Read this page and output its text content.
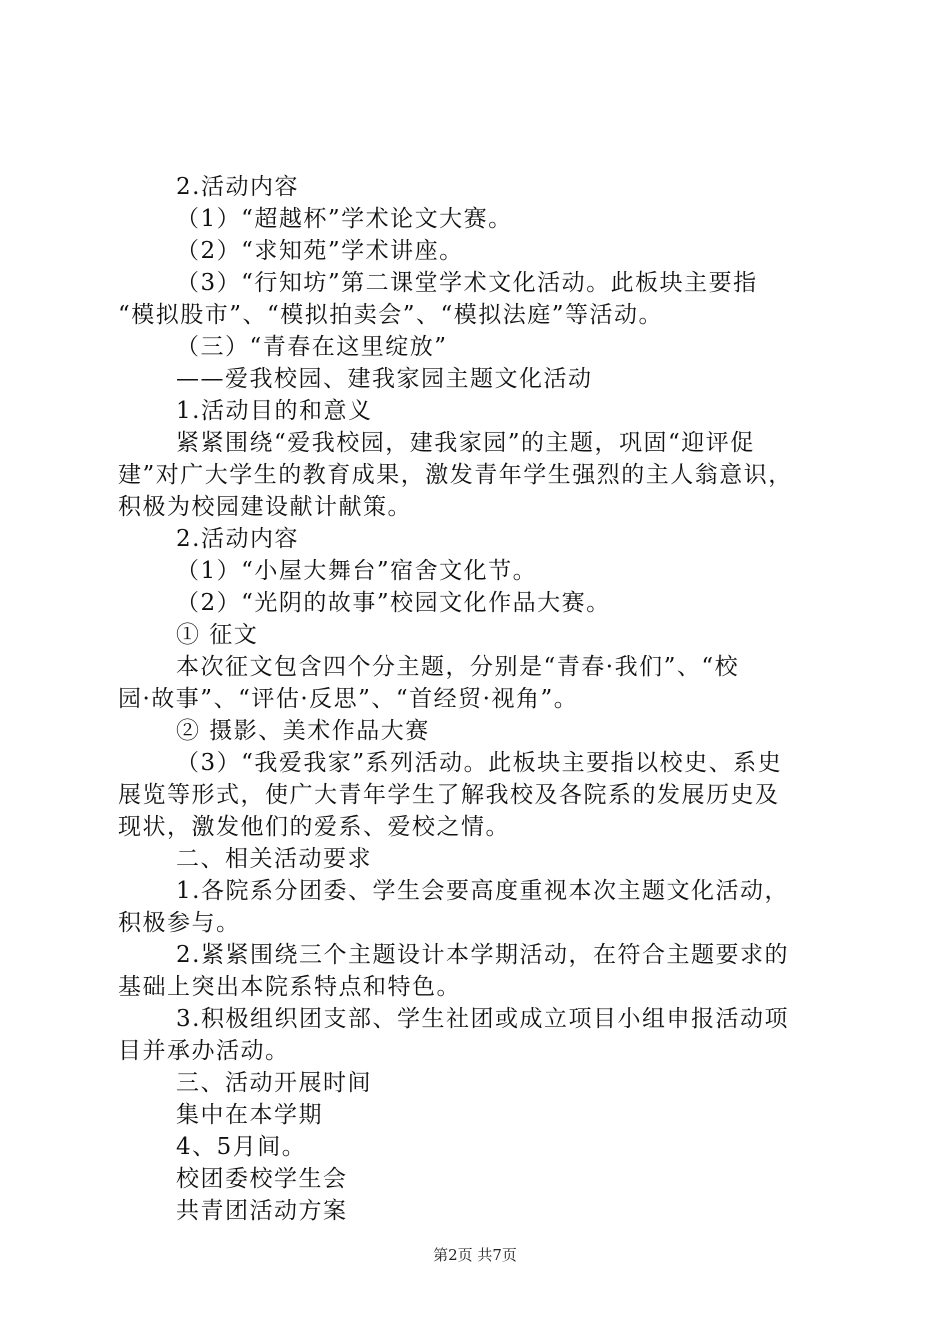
2.活动内容
（1）“超越杯”学术论文大赛。
（2）“求知苑”学术讲座。
（3）“行知坊”第二课堂学术文化活动。此板块主要指
“模拟股市”、“模拟拍卖会”、“模拟法庭”等活动。
（三）“青春在这里绽放”
——爱我校园、建我家园主题文化活动
1.活动目的和意义
紧紧围绕“爱我校园，建我家园”的主题，巩固“迎评促
建”对广大学生的教育成果，激发青年学生强烈的主人翁意识，
积极为校园建设献计献策。
2.活动内容
（1）“小屋大舞台”宿舍文化节。
（2）“光阴的故事”校园文化作品大赛。
① 征文
本次征文包含四个分主题，分别是“青春·我们”、“校
园·故事”、“评估·反思”、“首经贸·视角”。
② 摄影、美术作品大赛
（3）“我爱我家”系列活动。此板块主要指以校史、系史
展览等形式，使广大青年学生了解我校及各院系的发展历史及
现状，激发他们的爱系、爱校之情。
二、相关活动要求
1.各院系分团委、学生会要高度重视本次主题文化活动，
积极参与。
2.紧紧围绕三个主题设计本学期活动，在符合主题要求的
基础上突出本院系特点和特色。
3.积极组织团支部、学生社团或成立项目小组申报活动项
目并承办活动。
三、活动开展时间
集中在本学期
4、5月间。
校团委校学生会
共青团活动方案
第2页 共7页
